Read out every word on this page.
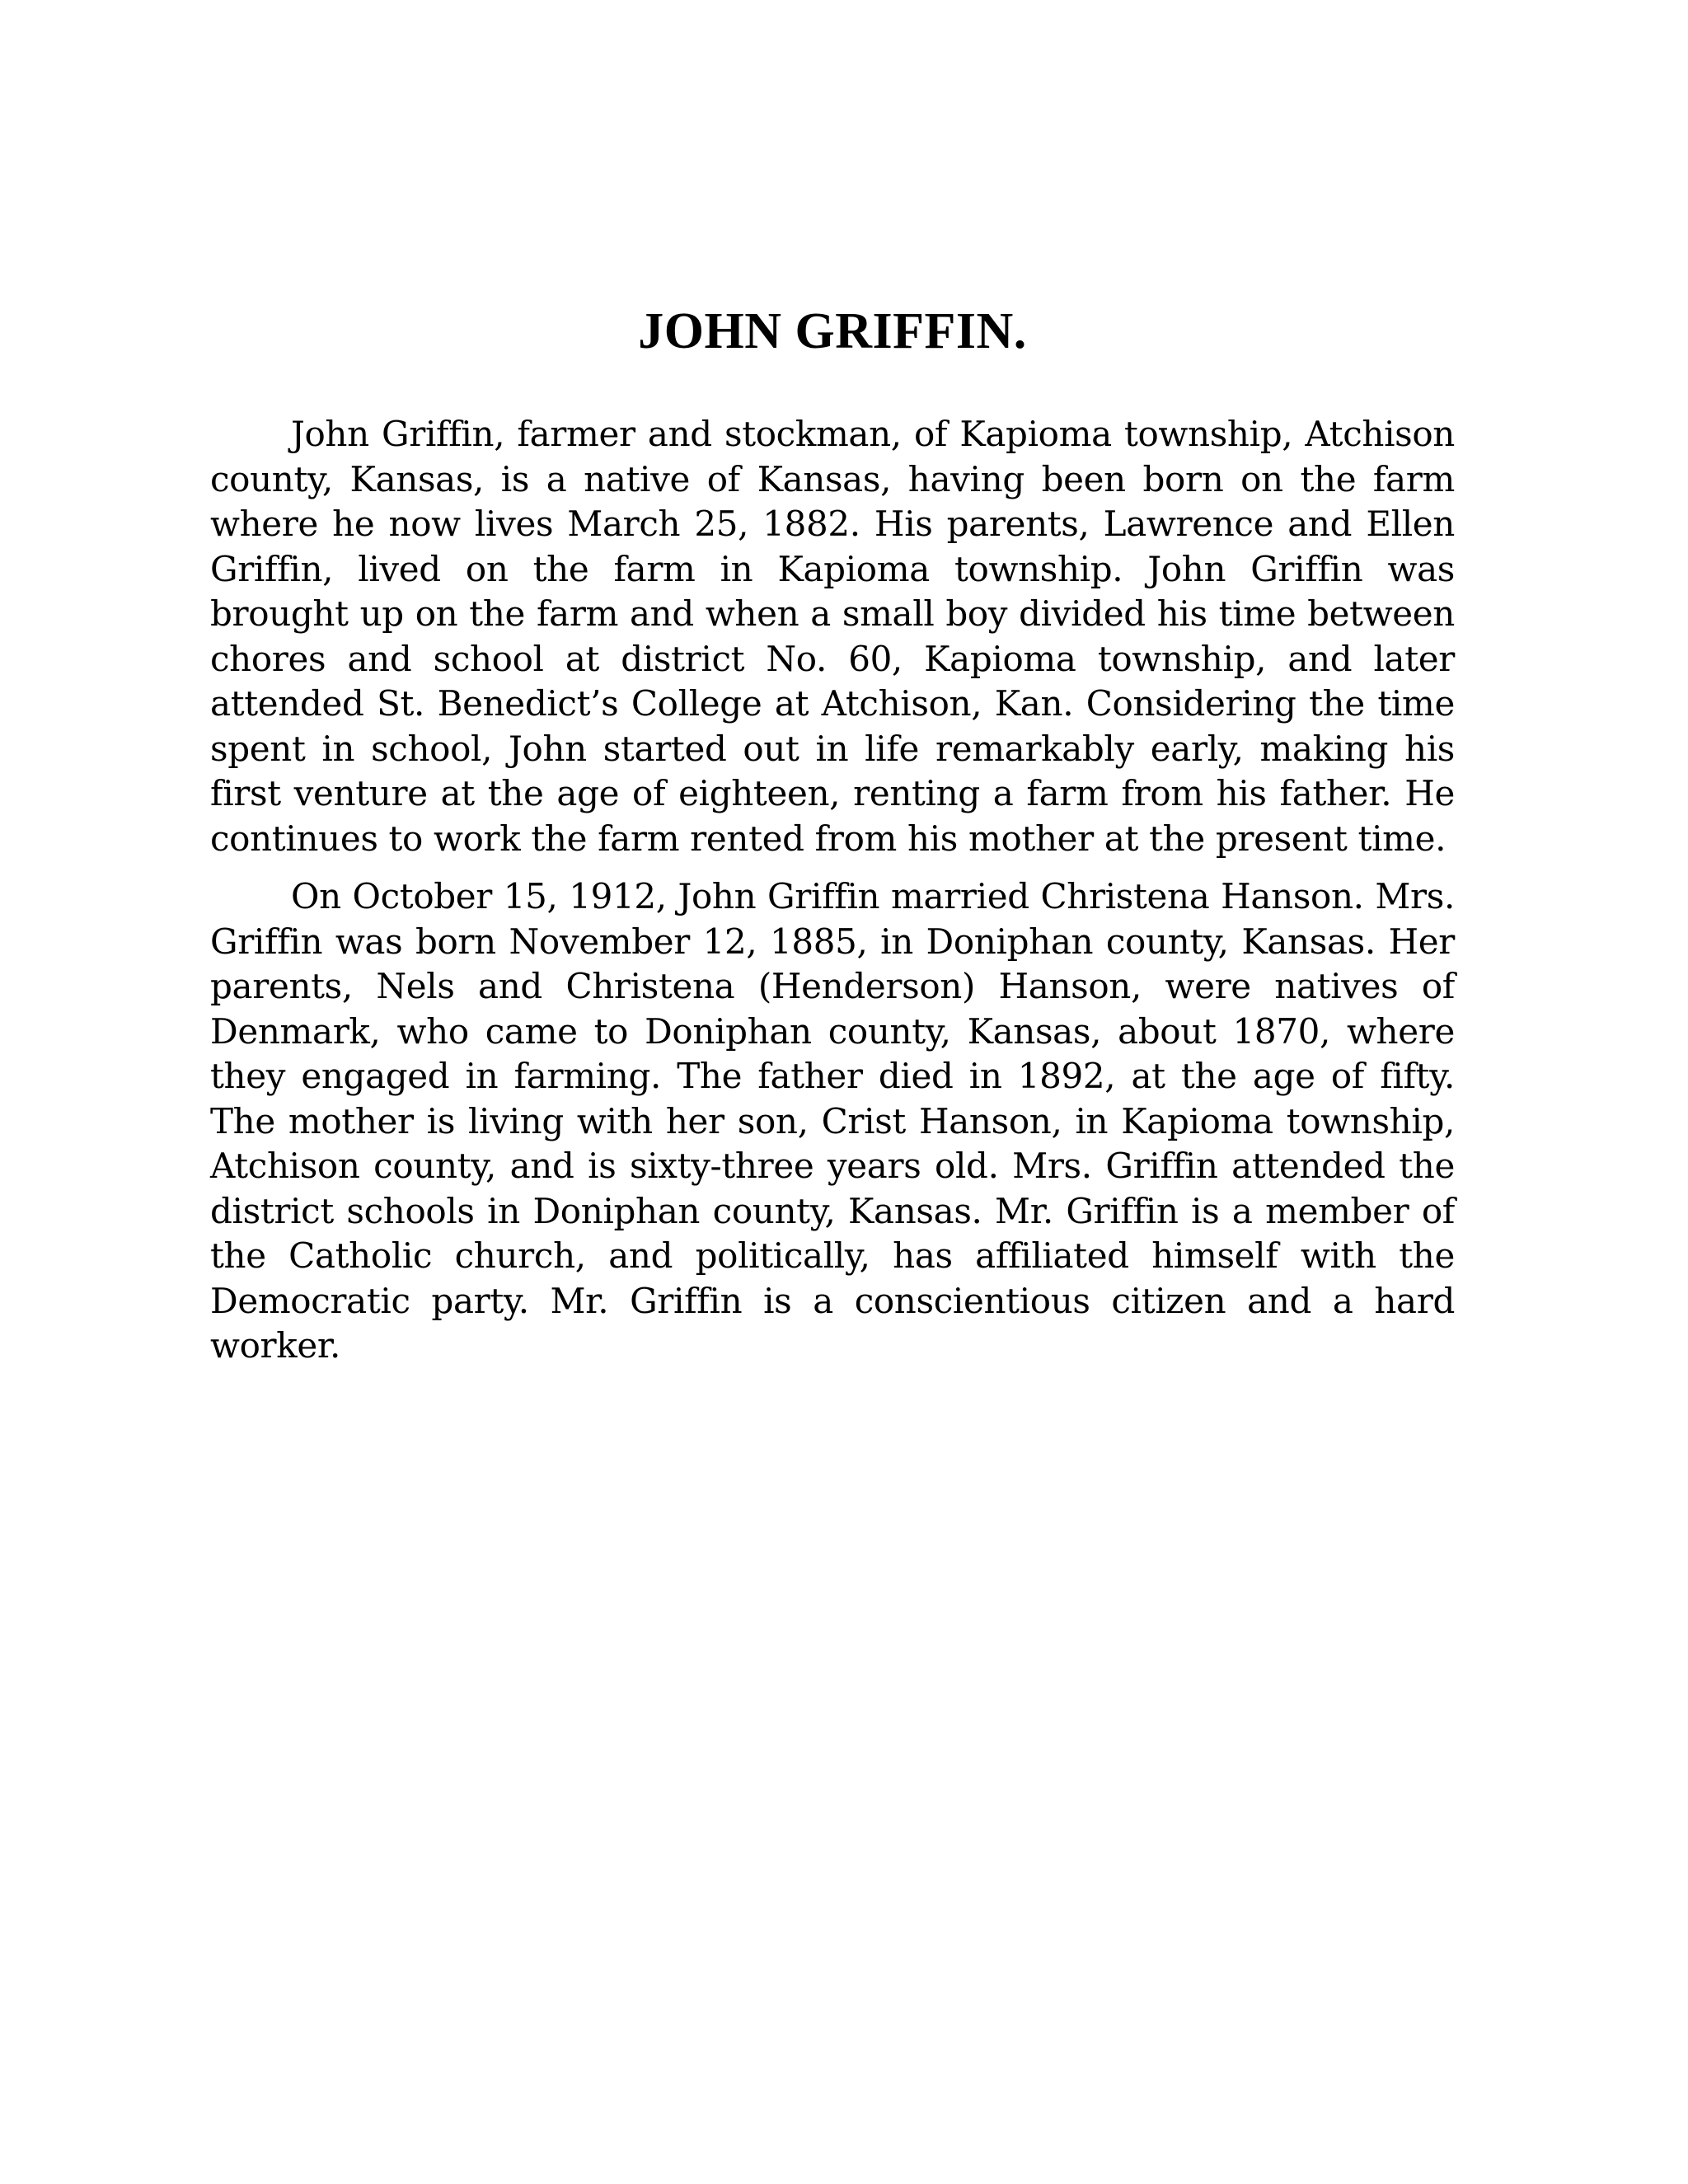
JOHN GRIFFIN.

John Griffin, farmer and stockman, of Kapioma township, Atchison county, Kansas, is a native of Kansas, having been born on the farm where he now lives March 25, 1882. His parents, Lawrence and Ellen Griffin, lived on the farm in Kapioma township. John Griffin was brought up on the farm and when a small boy divided his time between chores and school at district No. 60, Kapioma township, and later attended St. Benedict’s College at Atchison, Kan. Considering the time spent in school, John started out in life remarkably early, making his first venture at the age of eighteen, renting a farm from his father. He continues to work the farm rented from his mother at the present time.

On October 15, 1912, John Griffin married Christena Hanson. Mrs. Griffin was born November 12, 1885, in Doniphan county, Kansas. Her parents, Nels and Christena (Henderson) Hanson, were natives of Denmark, who came to Doniphan county, Kansas, about 1870, where they engaged in farming. The father died in 1892, at the age of fifty. The mother is living with her son, Crist Hanson, in Kapioma township, Atchison county, and is sixty-three years old. Mrs. Griffin attended the district schools in Doniphan county, Kansas. Mr. Griffin is a member of the Catholic church, and politically, has affiliated himself with the Democratic party. Mr. Griffin is a conscientious citizen and a hard worker.
